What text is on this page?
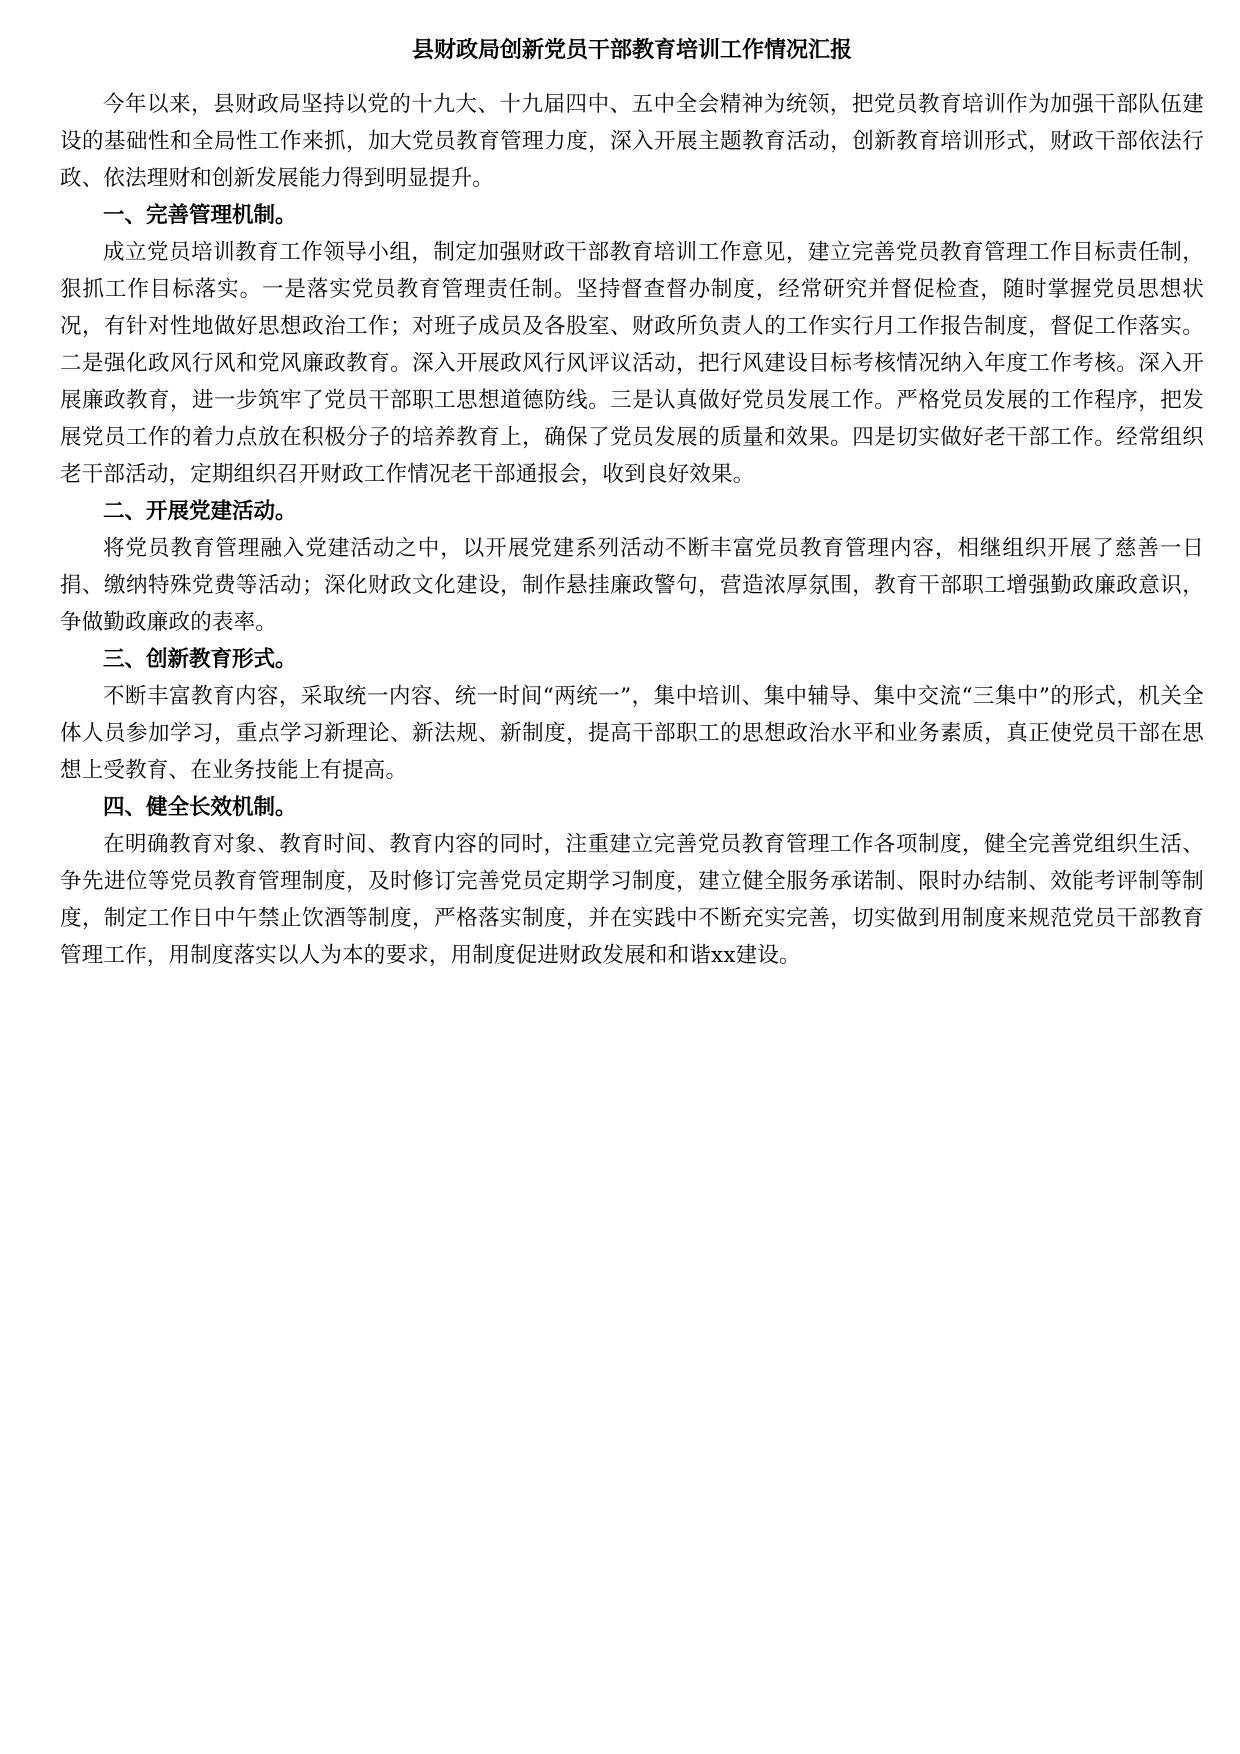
县财政局创新党员干部教育培训工作情况汇报

今年以来，县财政局坚持以党的十九大、十九届四中、五中全会精神为统领，把党员教育培训作为加强干部队伍建设的基础性和全局性工作来抓，加大党员教育管理力度，深入开展主题教育活动，创新教育培训形式，财政干部依法行政、依法理财和创新发展能力得到明显提升。

一、完善管理机制。

成立党员培训教育工作领导小组，制定加强财政干部教育培训工作意见，建立完善党员教育管理工作目标责任制，狠抓工作目标落实。一是落实党员教育管理责任制。坚持督查督办制度，经常研究并督促检查，随时掌握党员思想状况，有针对性地做好思想政治工作；对班子成员及各股室、财政所负责人的工作实行月工作报告制度，督促工作落实。二是强化政风行风和党风廉政教育。深入开展政风行风评议活动，把行风建设目标考核情况纳入年度工作考核。深入开展廉政教育，进一步筑牢了党员干部职工思想道德防线。三是认真做好党员发展工作。严格党员发展的工作程序，把发展党员工作的着力点放在积极分子的培养教育上，确保了党员发展的质量和效果。四是切实做好老干部工作。经常组织老干部活动，定期组织召开财政工作情况老干部通报会，收到良好效果。

二、开展党建活动。

将党员教育管理融入党建活动之中，以开展党建系列活动不断丰富党员教育管理内容，相继组织开展了慈善一日捐、缴纳特殊党费等活动；深化财政文化建设，制作悬挂廉政警句，营造浓厚氛围，教育干部职工增强勤政廉政意识，争做勤政廉政的表率。

三、创新教育形式。

不断丰富教育内容，采取统一内容、统一时间“两统一”，集中培训、集中辅导、集中交流“三集中”的形式，机关全体人员参加学习，重点学习新理论、新法规、新制度，提高干部职工的思想政治水平和业务素质，真正使党员干部在思想上受教育、在业务技能上有提高。

四、健全长效机制。

在明确教育对象、教育时间、教育内容的同时，注重建立完善党员教育管理工作各项制度，健全完善党组织生活、争先进位等党员教育管理制度，及时修订完善党员定期学习制度，建立健全服务承诺制、限时办结制、效能考评制等制度，制定工作日中午禁止饮酒等制度，严格落实制度，并在实践中不断充实完善，切实做到用制度来规范党员干部教育管理工作，用制度落实以人为本的要求，用制度促进财政发展和和谐xx建设。
